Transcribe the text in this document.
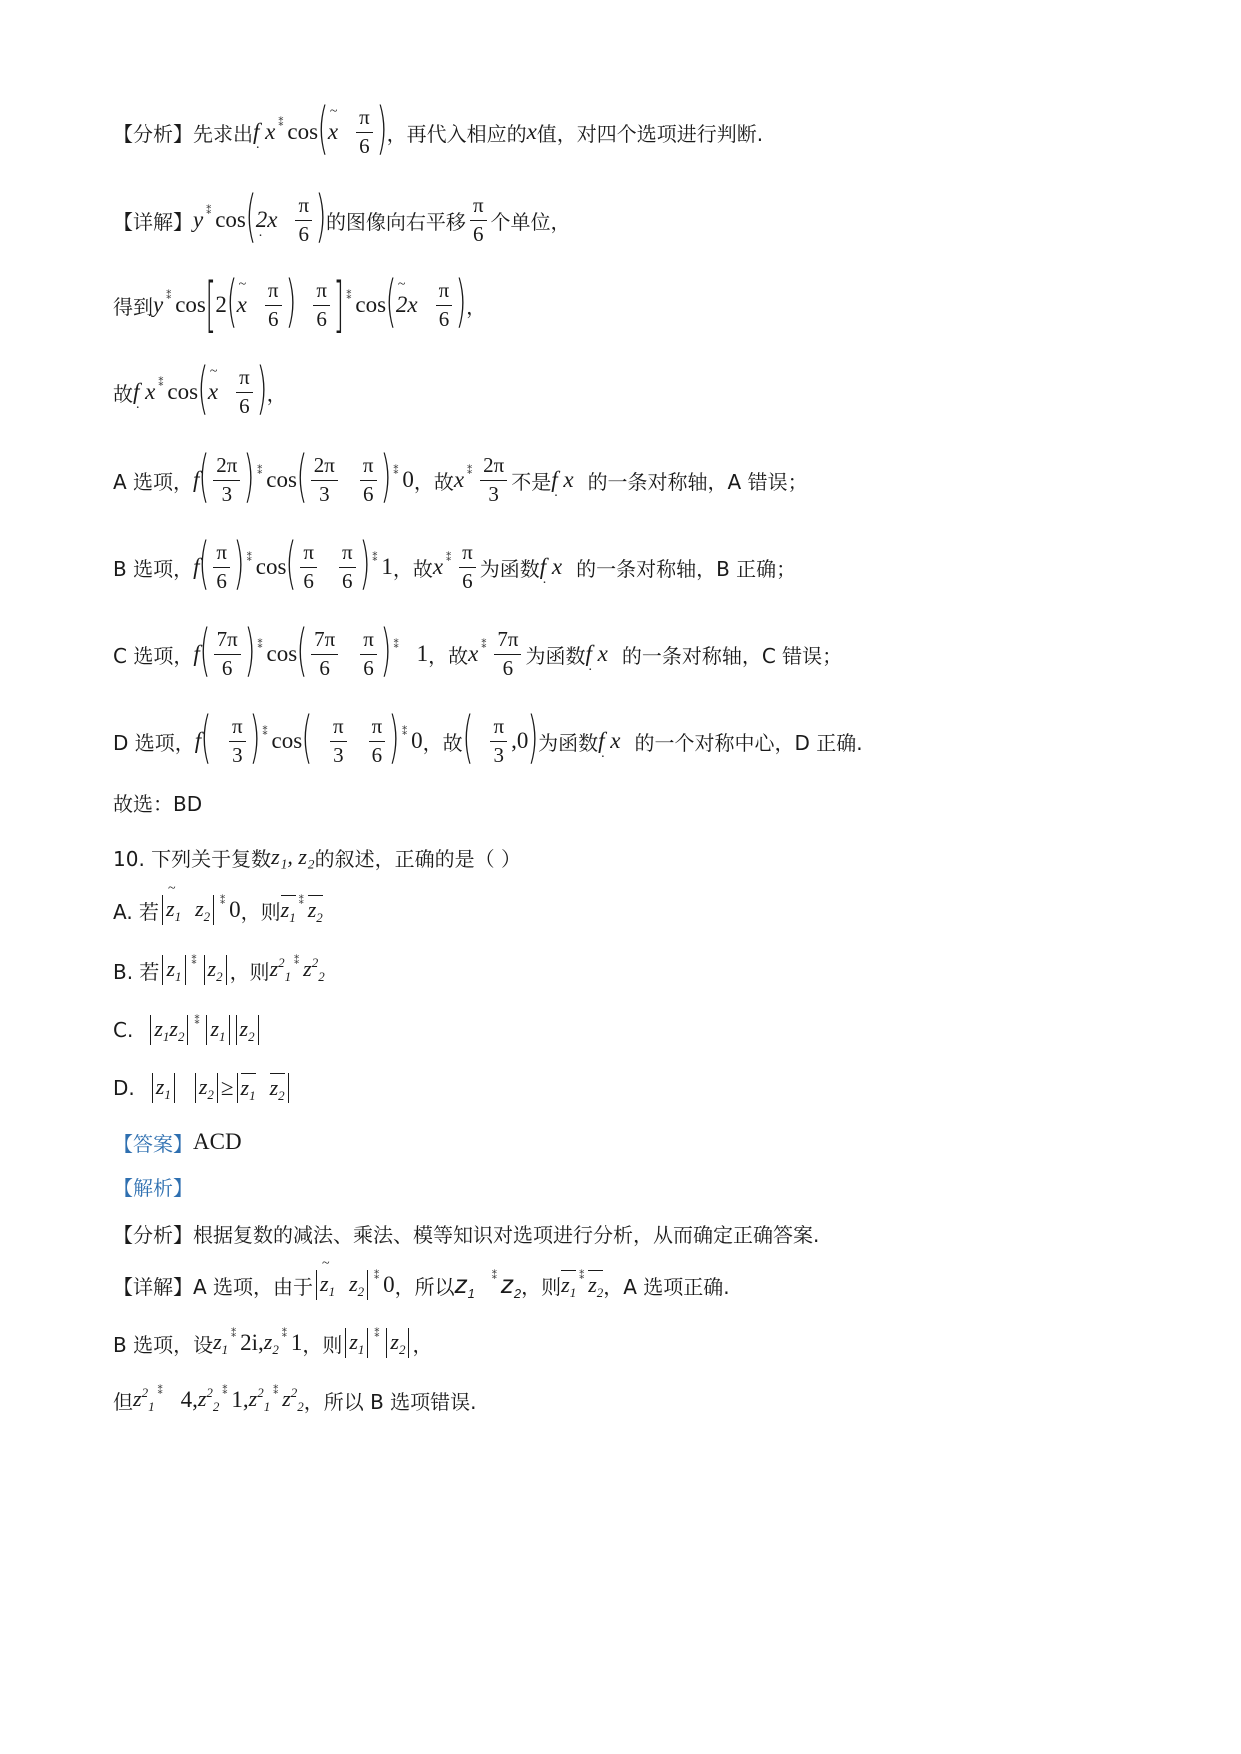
【分析】先求出 f x . ⁑ cos ( ~ x $\frac{\pi}{6}$ ) ，再代入相应的 x 值，对四个选项进行判断.
【详解】 y ⁑ cos ( 2x . $\frac{\pi}{6}$ ) 的图像向右平移 $\frac{\pi}{6}$ 个单位，
得到 y ⁑ cos [ 2 ( ~ x $\frac{\pi}{6}$ ) $\frac{\pi}{6}$ ] ⁑ cos ( ~ $2x \frac{\pi}{6}$ ) ，
故 f x . ⁑ cos ( ~ x $\frac{\pi}{6}$ ) ，
A 选项， f ( $\frac{2\pi}{3}$ ) ⁑ cos ( $\frac{2\pi}{3} \frac{\pi}{6}$ ) ⁑ 0 ，故 x ⁑ $\frac{2\pi}{3}$ 不是 f x . 的一条对称轴，A 错误；
B 选项， f ( $\frac{\pi}{6}$ ) ⁑ cos ( $\frac{\pi}{6} \frac{\pi}{6}$ ) ⁑ 1 ，故 x ⁑ $\frac{\pi}{6}$ 为函数 f x . 的一条对称轴，B 正确；
C 选项， f ( $\frac{7\pi}{6}$ ) ⁑ cos ( $\frac{7\pi}{6} \frac{\pi}{6}$ ) ⁑ 1 ，故 x ⁑ $\frac{7\pi}{6}$ 为函数 f x . 的一条对称轴，C 错误；
D 选项， f ( $\frac{\pi}{3}$ ) ⁑ cos ( $\frac{\pi}{3} \frac{\pi}{6}$ ) ⁑ 0 ，故 ( $\frac{\pi}{3} ,0$ ) 为函数 f x . 的一个对称中心，D 正确.
故选：BD
10. 下列关于复数 z₁, z₂ 的叙述，正确的是（ ）
A. 若 ~ $z_1$ $z_2$
⁑ 0 ，则 $z_1$
⁑ $z_2$
B. 若 $z_1$
⁑ $z_2$ ，则 $z^2_1$
⁑ $z^2_2$
C. $z_1z_2$
⁑ $z_1$ $z_2$
D. $z_1$ $z_2 \ge z_1$ $z_2$
【答案】 ACD
【解析】
【分析】根据复数的减法、乘法、模等知识对选项进行分析，从而确定正确答案.
【详解】A 选项，由于 ~ $z_1$ $z_2$
⁑ 0 ，所以 $z_1$
⁑ $z_2$ ，则 $z_1$
⁑ $z_2$ ，A 选项正确.
B 选项，设 $z_1$
⁑ 2i, $z_2$
⁑ 1 ，则 $z_1$
⁑ $z_2$ ，
但 $z^2_1$
⁑ 4, $z^2_2$
⁑ 1, $z^2_1$
⁑ $z^2_2$ ，所以 B 选项错误.
